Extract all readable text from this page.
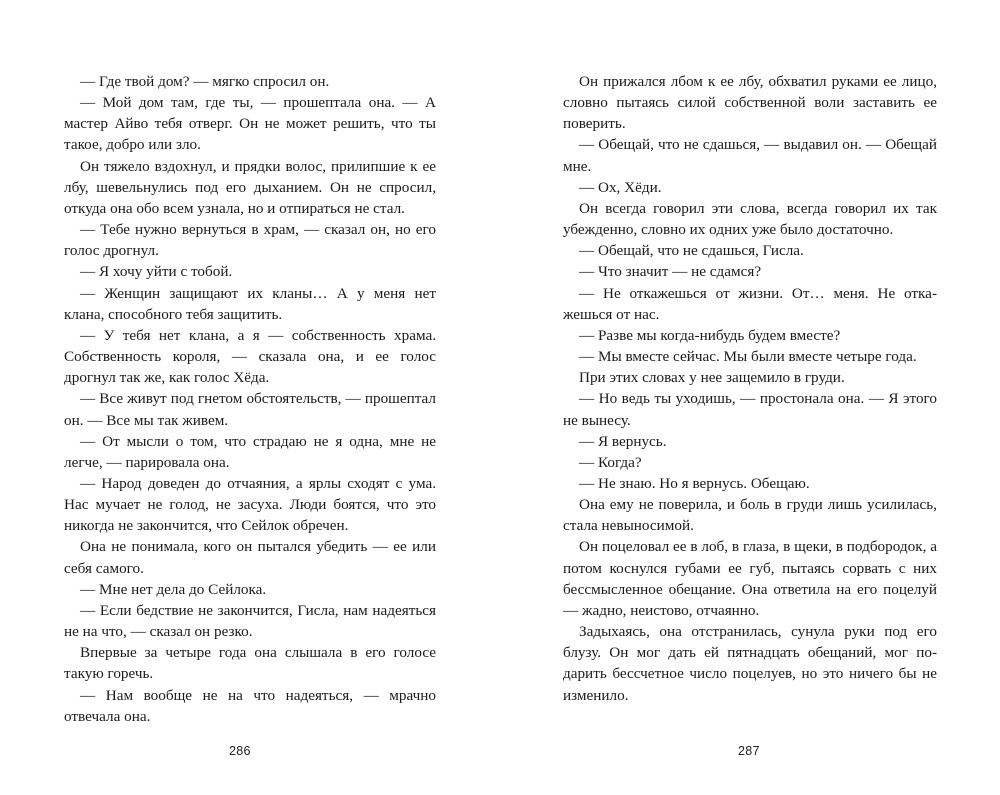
— Где твой дом? — мягко спросил он.

— Мой дом там, где ты, — прошептала она. — А мастер Айво тебя отверг. Он не может решить, что ты такое, добро или зло.

Он тяжело вздохнул, и прядки волос, прилипшие к ее лбу, шевельнулись под его дыханием. Он не спросил, откуда она обо всем узнала, но и отпираться не стал.

— Тебе нужно вернуться в храм, — сказал он, но его голос дрогнул.

— Я хочу уйти с тобой.

— Женщин защищают их кланы… А у меня нет клана, способного тебя защитить.

— У тебя нет клана, а я — собственность храма. Собственность короля, — сказала она, и ее голос дрогнул так же, как голос Хёда.

— Все живут под гнетом обстоятельств, — прошептал он. — Все мы так живем.

— От мысли о том, что страдаю не я одна, мне не легче, — парировала она.

— Народ доведен до отчаяния, а ярлы сходят с ума. Нас мучает не голод, не засуха. Люди боятся, что это никогда не закончится, что Сейлок обречен.

Она не понимала, кого он пытался убедить — ее или себя самого.

— Мне нет дела до Сейлока.

— Если бедствие не закончится, Гисла, нам надеяться не на что, — сказал он резко.

Впервые за четыре года она слышала в его голосе такую горечь.

— Нам вообще не на что надеяться, — мрачно отвечала она.

286

Он прижался лбом к ее лбу, обхватил руками ее лицо, словно пытаясь силой собственной воли заставить ее поверить.

— Обещай, что не сдашься, — выдавил он. — Обещай мне.

— Ох, Хёди.

Он всегда говорил эти слова, всегда говорил их так убежденно, словно их одних уже было достаточно.

— Обещай, что не сдашься, Гисла.

— Что значит — не сдамся?

— Не откажешься от жизни. От… меня. Не откажешься от нас.

— Разве мы когда-нибудь будем вместе?

— Мы вместе сейчас. Мы были вместе четыре года.

При этих словах у нее защемило в груди.

— Но ведь ты уходишь, — простонала она. — Я этого не вынесу.

— Я вернусь.

— Когда?

— Не знаю. Но я вернусь. Обещаю.

Она ему не поверила, и боль в груди лишь усилилась, стала невыносимой.

Он поцеловал ее в лоб, в глаза, в щеки, в подбородок, а потом коснулся губами ее губ, пытаясь сорвать с них бессмысленное обещание. Она ответила на его поцелуй — жадно, неистово, отчаянно.

Задыхаясь, она отстранилась, сунула руки под его блузу. Он мог дать ей пятнадцать обещаний, мог подарить бессчетное число поцелуев, но это ничего бы не изменило.

287
